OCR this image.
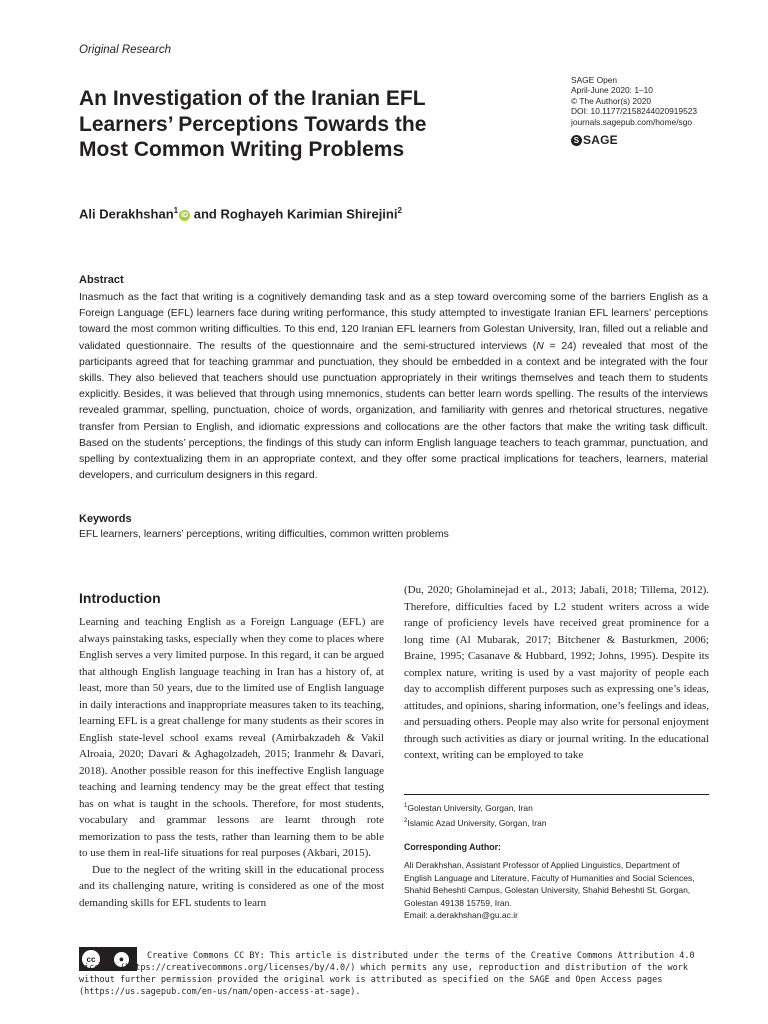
Original Research
An Investigation of the Iranian EFL Learners’ Perceptions Towards the Most Common Writing Problems
SAGE Open
April-June 2020: 1–10
© The Author(s) 2020
DOI: 10.1177/2158244020919523
journals.sagepub.com/home/sgo
S SAGE
Ali Derakhshan$^1$iD and Roghayeh Karimian Shirejini$^2$
Abstract

Inasmuch as the fact that writing is a cognitively demanding task and as a step toward overcoming some of the barriers English as a Foreign Language (EFL) learners face during writing performance, this study attempted to investigate Iranian EFL learners’ perceptions toward the most common writing difficulties. To this end, 120 Iranian EFL learners from Golestan University, Iran, filled out a reliable and validated questionnaire. The results of the questionnaire and the semi-structured interviews (N = 24) revealed that most of the participants agreed that for teaching grammar and punctuation, they should be embedded in a context and be integrated with the four skills. They also believed that teachers should use punctuation appropriately in their writings themselves and teach them to students explicitly. Besides, it was believed that through using mnemonics, students can better learn words spelling. The results of the interviews revealed grammar, spelling, punctuation, choice of words, organization, and familiarity with genres and rhetorical structures, negative transfer from Persian to English, and idiomatic expressions and collocations are the other factors that make the writing task difficult. Based on the students’ perceptions, the findings of this study can inform English language teachers to teach grammar, punctuation, and spelling by contextualizing them in an appropriate context, and they offer some practical implications for teachers, learners, material developers, and curriculum designers in this regard.

Keywords
EFL learners, learners’ perceptions, writing difficulties, common written problems
Introduction

Learning and teaching English as a Foreign Language (EFL) are always painstaking tasks, especially when they come to places where English serves a very limited purpose. In this regard, it can be argued that although English language teaching in Iran has a history of, at least, more than 50 years, due to the limited use of English language in daily interactions and inappropriate measures taken to its teaching, learning EFL is a great challenge for many students as their scores in English state-level school exams reveal (Amirbakzadeh & Vakil Alroaia, 2020; Davari & Aghagolzadeh, 2015; Iranmehr & Davari, 2018). Another possible reason for this ineffective English language teaching and learning tendency may be the great effect that testing has on what is taught in the schools. Therefore, for most students, vocabulary and grammar lessons are learnt through rote memorization to pass the tests, rather than learning them to be able to use them in real-life situations for real purposes (Akbari, 2015).

Due to the neglect of the writing skill in the educational process and its challenging nature, writing is considered as one of the most demanding skills for EFL students to learn

(Du, 2020; Gholaminejad et al., 2013; Jabali, 2018; Tillema, 2012). Therefore, difficulties faced by L2 student writers across a wide range of proficiency levels have received great prominence for a long time (Al Mubarak, 2017; Bitchener & Basturkmen, 2006; Braine, 1995; Casanave & Hubbard, 1992; Johns, 1995). Despite its complex nature, writing is used by a vast majority of people each day to accomplish different purposes such as expressing one’s ideas, attitudes, and opinions, sharing information, one’s feelings and ideas, and persuading others. People may also write for personal enjoyment through such activities as diary or journal writing. In the educational context, writing can be employed to take

$^1$Golestan University, Gorgan, Iran
$^2$Islamic Azad University, Gorgan, Iran
Corresponding Author:
Ali Derakhshan, Assistant Professor of Applied Linguistics, Department of English Language and Literature, Faculty of Humanities and Social Sciences, Shahid Beheshti Campus, Golestan University, Shahid Beheshti St, Gorgan, Golestan 49138 15759, Iran.
Email: a.derakhshan@gu.ac.ir
cc	●	Creative Commons CC BY: This article is distributed under the terms of the Creative Commons Attribution 4.0 License (https://creativecommons.org/licenses/by/4.0/) which permits any use, reproduction and distribution of the work without further permission provided the original work is attributed as specified on the SAGE and Open Access pages (https://us.sagepub.com/en-us/nam/open-access-at-sage).
